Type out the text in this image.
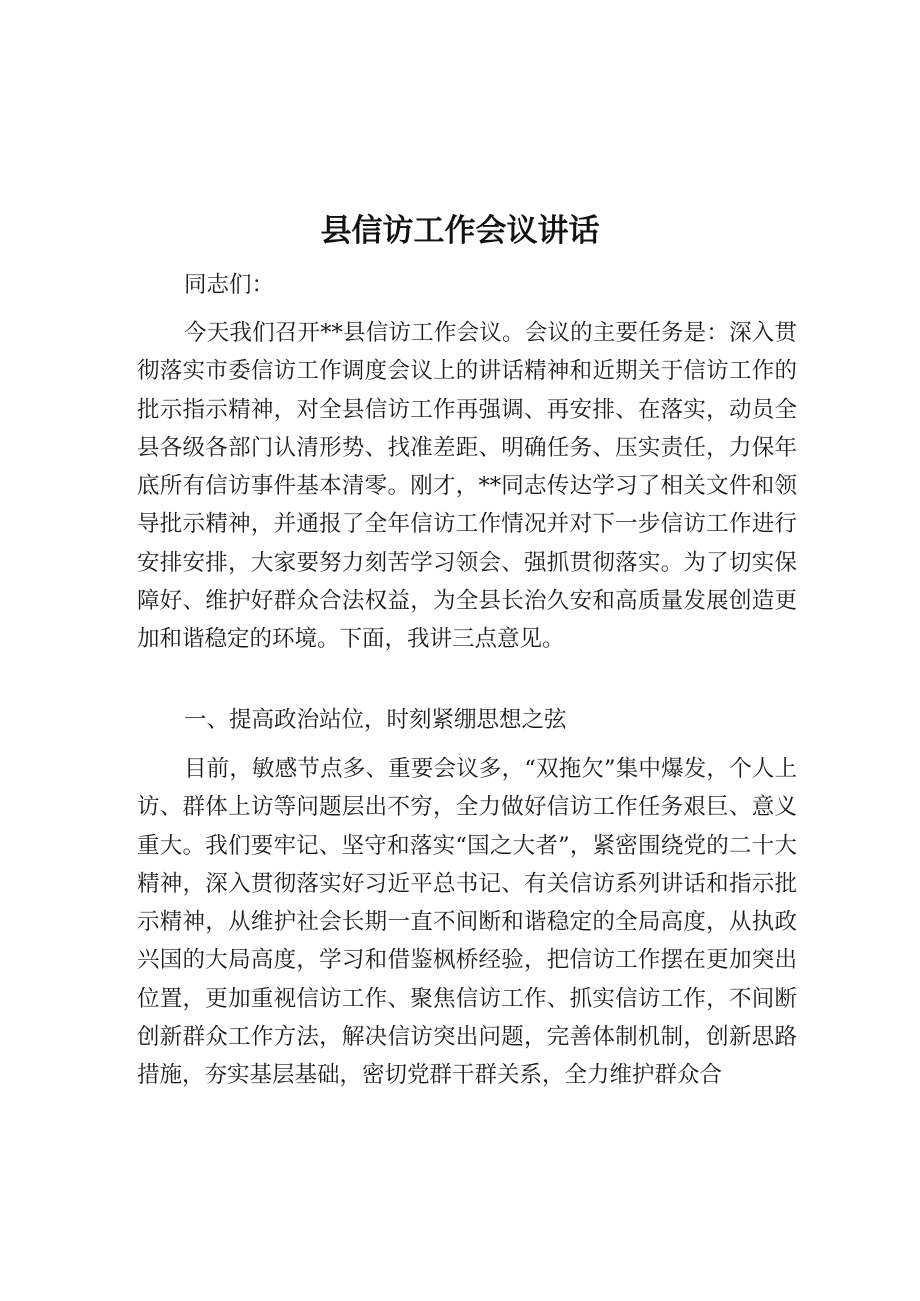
县信访工作会议讲话

同志们：

今天我们召开**县信访工作会议。会议的主要任务是：深入贯彻落实市委信访工作调度会议上的讲话精神和近期关于信访工作的批示指示精神，对全县信访工作再强调、再安排、在落实，动员全县各级各部门认清形势、找准差距、明确任务、压实责任，力保年底所有信访事件基本清零。刚才，**同志传达学习了相关文件和领导批示精神，并通报了全年信访工作情况并对下一步信访工作进行安排安排，大家要努力刻苦学习领会、强抓贯彻落实。为了切实保障好、维护好群众合法权益，为全县长治久安和高质量发展创造更加和谐稳定的环境。下面，我讲三点意见。

一、提高政治站位，时刻紧绷思想之弦

目前，敏感节点多、重要会议多，“双拖欠”集中爆发，个人上访、群体上访等问题层出不穷，全力做好信访工作任务艰巨、意义重大。我们要牢记、坚守和落实“国之大者”，紧密围绕党的二十大精神，深入贯彻落实好习近平总书记、有关信访系列讲话和指示批示精神，从维护社会长期一直不间断和谐稳定的全局高度，从执政兴国的大局高度，学习和借鉴枫桥经验，把信访工作摆在更加突出位置，更加重视信访工作、聚焦信访工作、抓实信访工作，不间断创新群众工作方法，解决信访突出问题，完善体制机制，创新思路措施，夯实基层基础，密切党群干群关系，全力维护群众合
